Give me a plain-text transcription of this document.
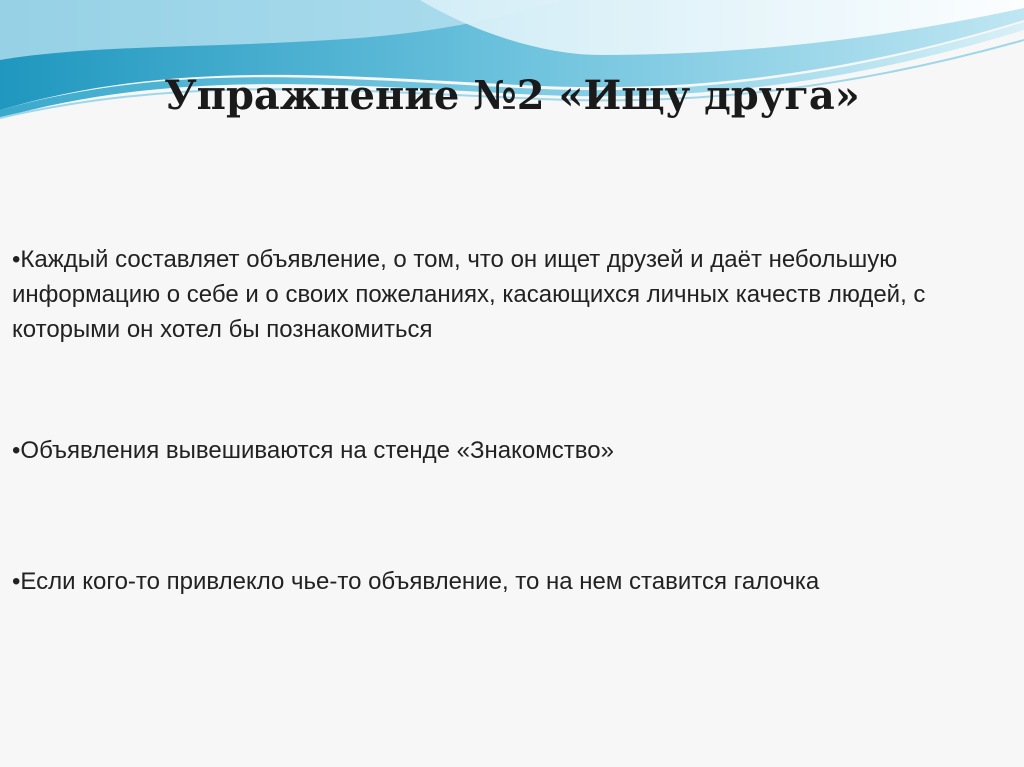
Упражнение №2 «Ищу друга»

•Каждый составляет объявление, о том, что он ищет друзей и даёт небольшую информацию о себе и о своих пожеланиях, касающихся личных качеств людей, с которыми он хотел бы познакомиться

•Объявления вывешиваются на стенде «Знакомство»

•Если кого-то привлекло чье-то объявление, то на нем ставится галочка
